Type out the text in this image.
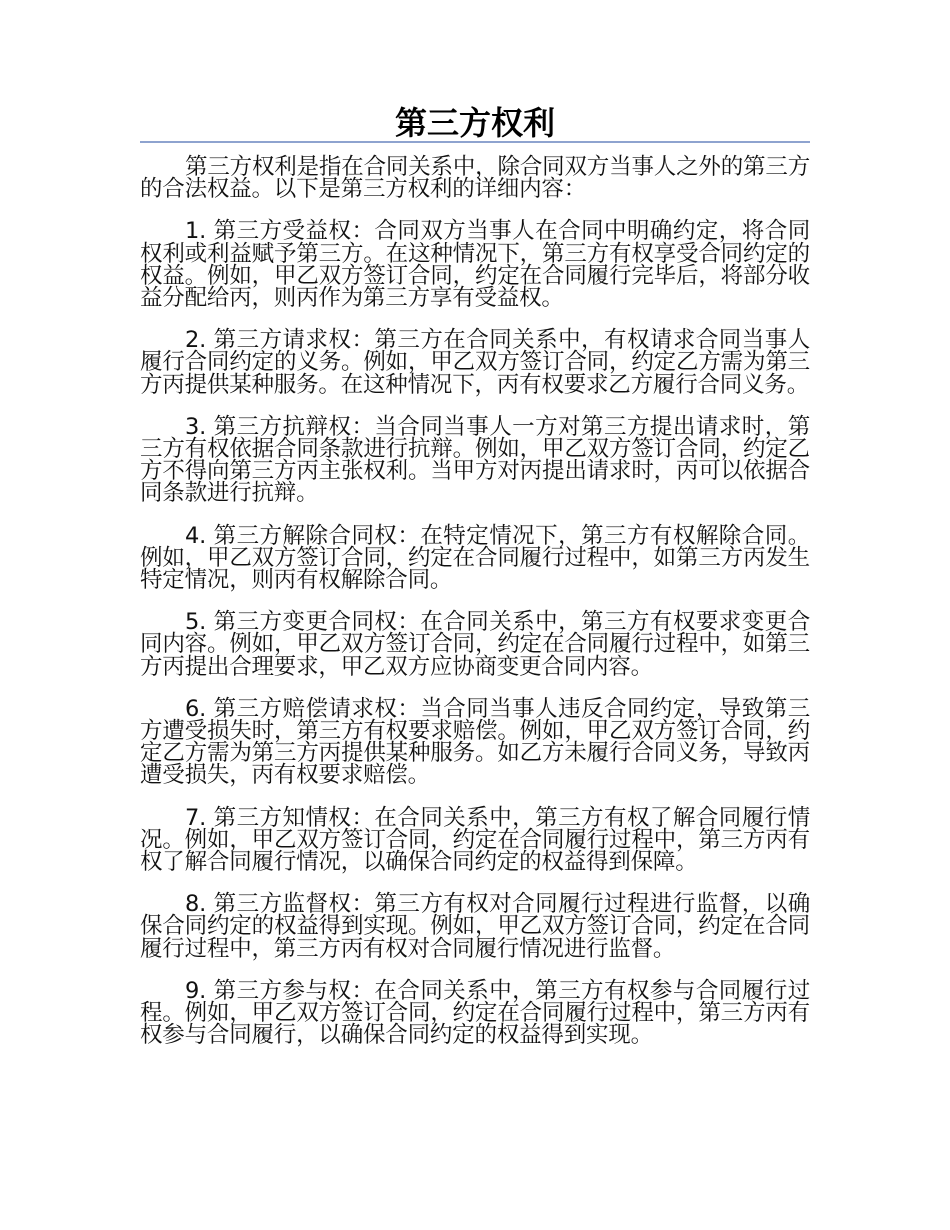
第三方权利

第三方权利是指在合同关系中，除合同双方当事人之外的第三方的合法权益。以下是第三方权利的详细内容：

1. 第三方受益权：合同双方当事人在合同中明确约定，将合同权利或利益赋予第三方。在这种情况下，第三方有权享受合同约定的权益。例如，甲乙双方签订合同，约定在合同履行完毕后，将部分收益分配给丙，则丙作为第三方享有受益权。

2. 第三方请求权：第三方在合同关系中，有权请求合同当事人履行合同约定的义务。例如，甲乙双方签订合同，约定乙方需为第三方丙提供某种服务。在这种情况下，丙有权要求乙方履行合同义务。

3. 第三方抗辩权：当合同当事人一方对第三方提出请求时，第三方有权依据合同条款进行抗辩。例如，甲乙双方签订合同，约定乙方不得向第三方丙主张权利。当甲方对丙提出请求时，丙可以依据合同条款进行抗辩。

4. 第三方解除合同权：在特定情况下，第三方有权解除合同。例如，甲乙双方签订合同，约定在合同履行过程中，如第三方丙发生特定情况，则丙有权解除合同。

5. 第三方变更合同权：在合同关系中，第三方有权要求变更合同内容。例如，甲乙双方签订合同，约定在合同履行过程中，如第三方丙提出合理要求，甲乙双方应协商变更合同内容。

6. 第三方赔偿请求权：当合同当事人违反合同约定，导致第三方遭受损失时，第三方有权要求赔偿。例如，甲乙双方签订合同，约定乙方需为第三方丙提供某种服务。如乙方未履行合同义务，导致丙遭受损失，丙有权要求赔偿。

7. 第三方知情权：在合同关系中，第三方有权了解合同履行情况。例如，甲乙双方签订合同，约定在合同履行过程中，第三方丙有权了解合同履行情况，以确保合同约定的权益得到保障。

8. 第三方监督权：第三方有权对合同履行过程进行监督，以确保合同约定的权益得到实现。例如，甲乙双方签订合同，约定在合同履行过程中，第三方丙有权对合同履行情况进行监督。

9. 第三方参与权：在合同关系中，第三方有权参与合同履行过程。例如，甲乙双方签订合同，约定在合同履行过程中，第三方丙有权参与合同履行，以确保合同约定的权益得到实现。
